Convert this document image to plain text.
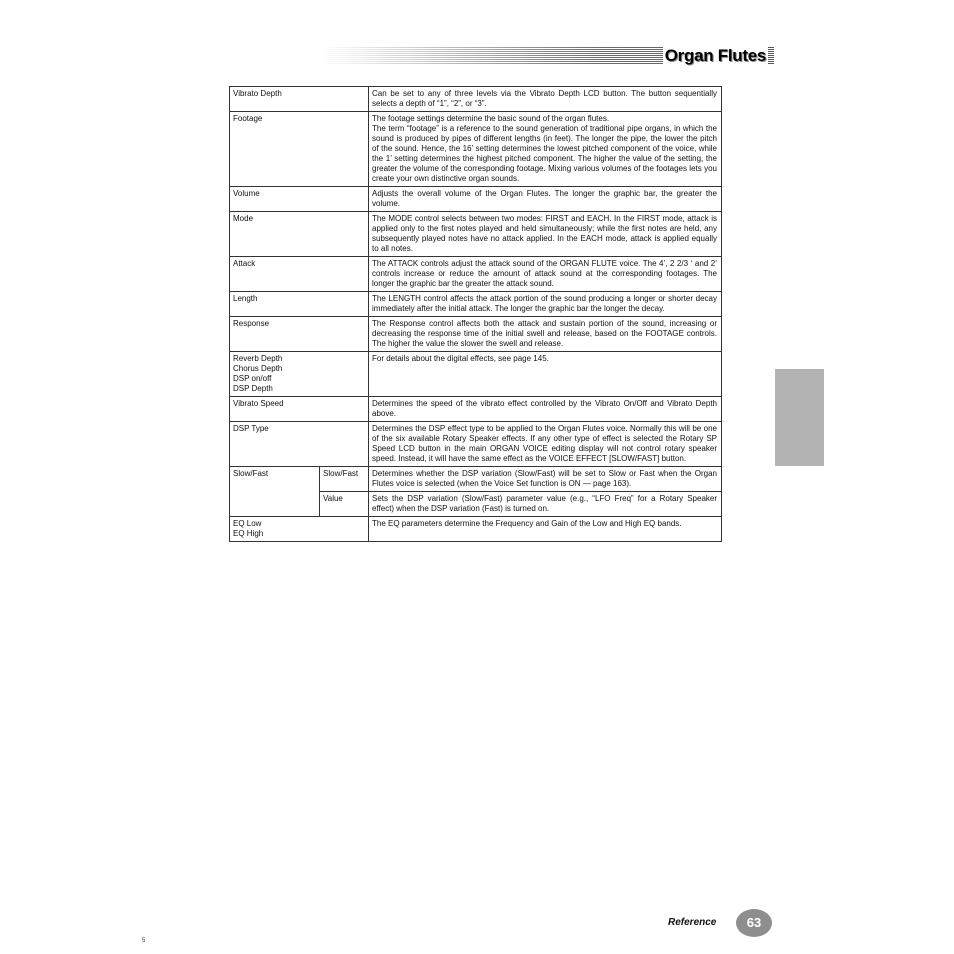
Organ Flutes
Vibrato Depth		Can be set to any of three levels via the Vibrato Depth LCD button. The button sequentially selects a depth of “1”, “2”, or “3”.
Footage		The footage settings determine the basic sound of the organ flutes.
The term “footage” is a reference to the sound generation of traditional pipe organs, in which the sound is produced by pipes of different lengths (in feet). The longer the pipe, the lower the pitch of the sound. Hence, the 16’ setting determines the lowest pitched component of the voice, while the 1’ setting determines the highest pitched component. The higher the value of the setting, the greater the volume of the corresponding footage. Mixing various volumes of the footages lets you create your own distinctive organ sounds.

Volume		Adjusts the overall volume of the Organ Flutes. The longer the graphic bar, the greater the volume.
Mode		The MODE control selects between two modes: FIRST and EACH. In the FIRST mode, attack is applied only to the first notes played and held simultaneously; while the first notes are held, any subsequently played notes have no attack applied. In the EACH mode, attack is applied equally to all notes.
Attack		The ATTACK controls adjust the attack sound of the ORGAN FLUTE voice. The 4’, 2 2/3 ‘ and 2’ controls increase or reduce the amount of attack sound at the corresponding footages. The longer the graphic bar the greater the attack sound.
Length		The LENGTH control affects the attack portion of the sound producing a longer or shorter decay immediately after the initial attack. The longer the graphic bar the longer the decay.
Response		The Response control affects both the attack and sustain portion of the sound, increasing or decreasing the response time of the initial swell and release, based on the FOOTAGE controls. The higher the value the slower the swell and release.

Reverb Depth
Chorus Depth
DSP on/off
DSP Depth		For details about the digital effects, see page 145.
Vibrato Speed		Determines the speed of the vibrato effect controlled by the Vibrato On/Off and Vibrato Depth above.
DSP Type		Determines the DSP effect type to be applied to the Organ Flutes voice. Normally this will be one of the six available Rotary Speaker effects. If any other type of effect is selected the Rotary SP Speed LCD button in the main ORGAN VOICE editing display will not control rotary speaker speed. Instead, it will have the same effect as the VOICE EFFECT [SLOW/FAST] button.
Slow/Fast	Slow/Fast	Determines whether the DSP variation (Slow/Fast) will be set to Slow or Fast when the Organ Flutes voice is selected (when the Voice Set function is ON — page 163).
	Value	Sets the DSP variation (Slow/Fast) parameter value (e.g., “LFO Freq” for a Rotary Speaker effect) when the DSP variation (Fast) is turned on.

EQ Low
EQ High		The EQ parameters determine the Frequency and Gain of the Low and High EQ bands.
Reference	63
5
